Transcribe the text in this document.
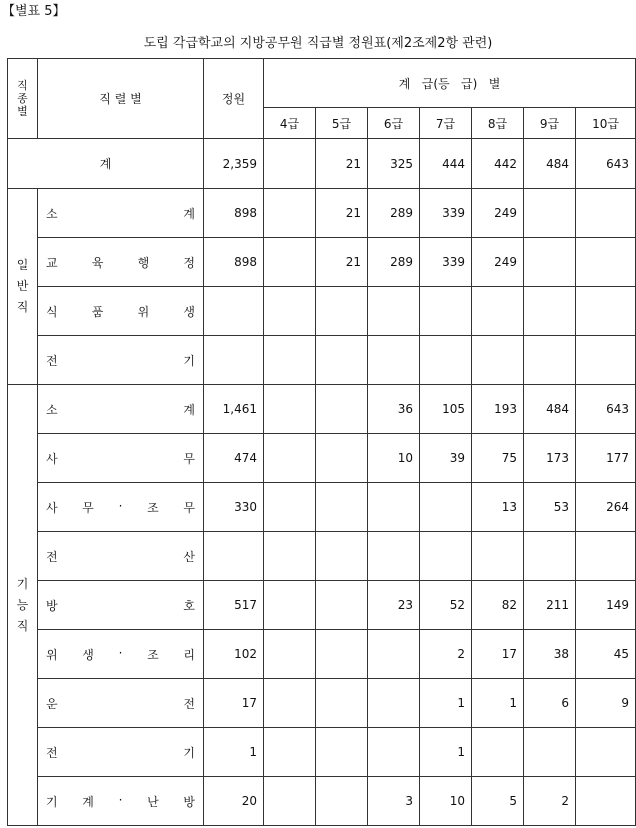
【별표 5】
도립 각급학교의 지방공무원 직급별 정원표(제2조제2항 관련)
직종별	직 렬 별	정원	계   급(등   급)   별						
			4급	5급	6급	7급	8급	9급	10급
계		2,359		21	325	444	442	484	643
일반직	소 계	898		21	289	339	249		

	교 육 행 정	898		21	289	339	249		

	식 품 위 생								

	전 기								

기능직	소 계	1,461			36	105	193	484	643

	사 무	474			10	39	75	173	177

	사 무 · 조 무	330					13	53	264

	전 산								

	방 호	517			23	52	82	211	149

	위 생 · 조 리	102				2	17	38	45

	운 전	17				1	1	6	9

	전 기	1				1			

	기 계 · 난 방	20			3	10	5	2	
